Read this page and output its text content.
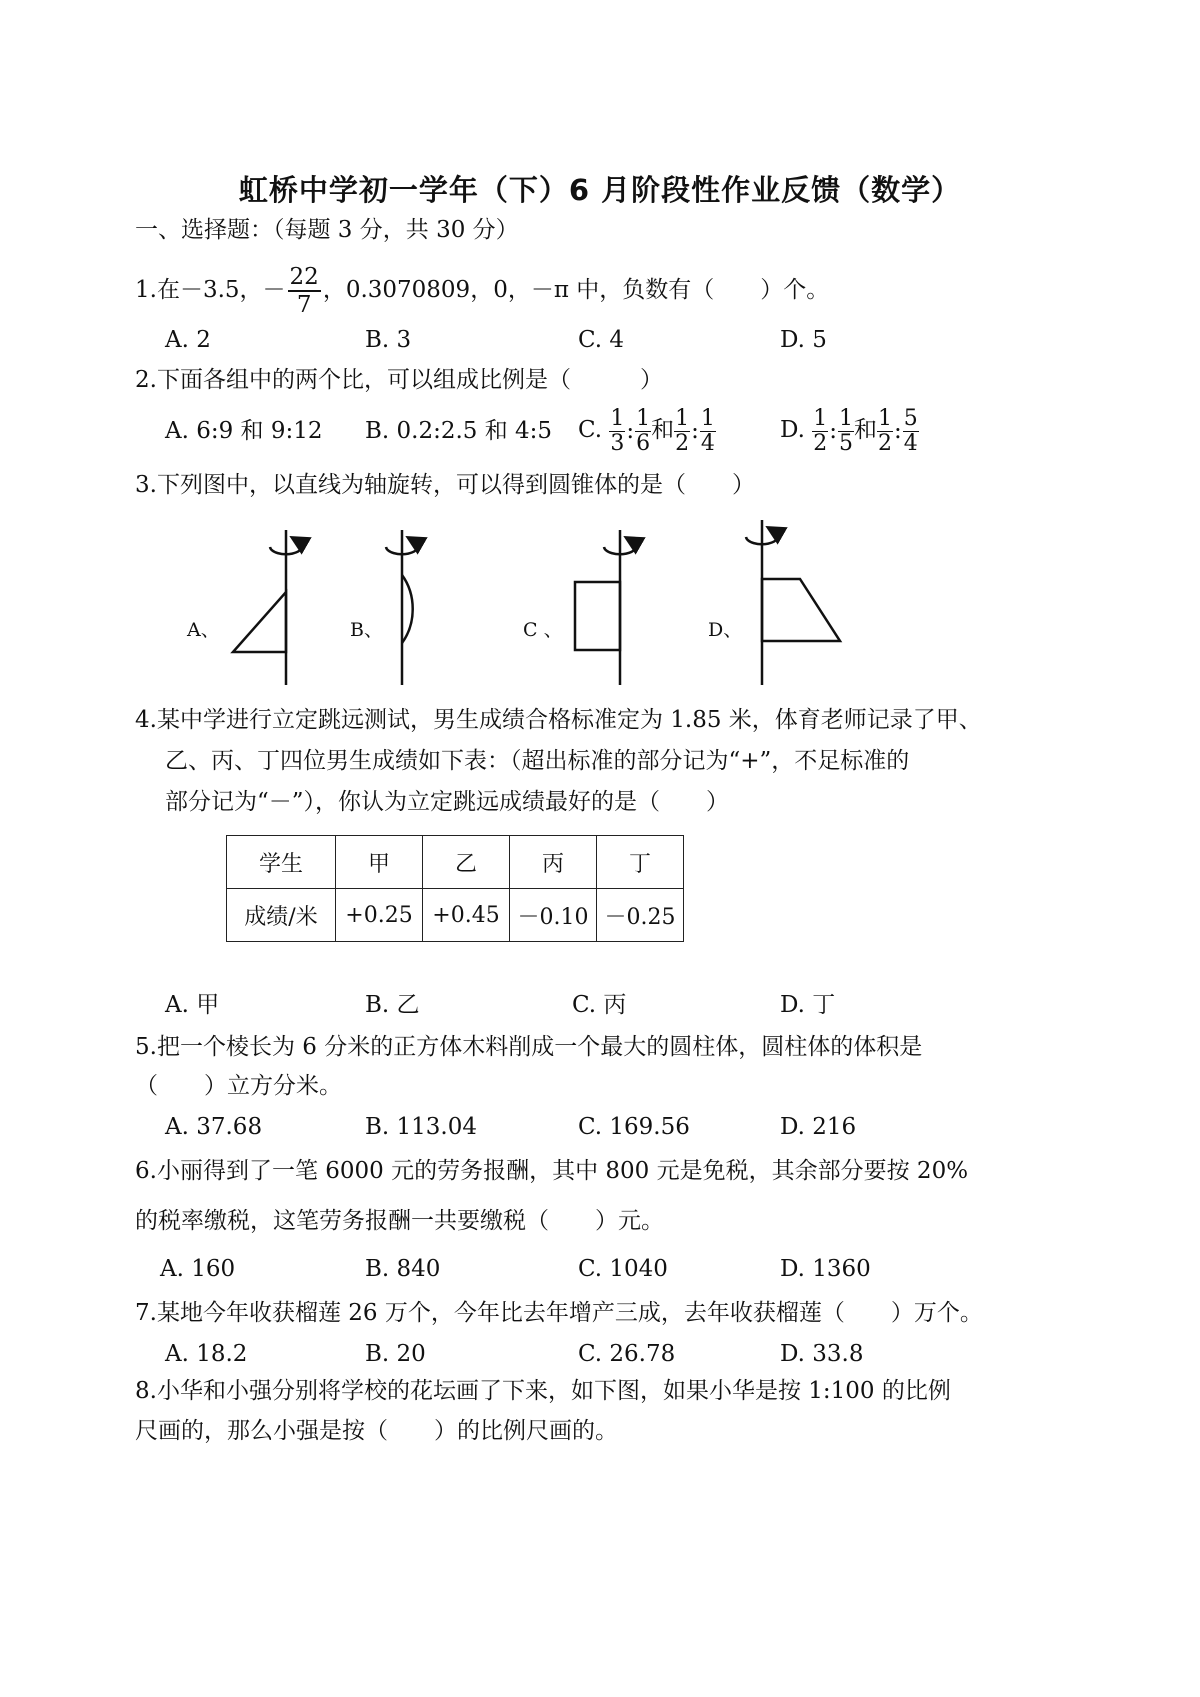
虹桥中学初一学年（下）6 月阶段性作业反馈（数学）
一、选择题：（每题 3 分，共 30 分）
1.在－3.5，－ $\frac{22}{7}$ ，0.3070809，0，－π 中，负数有（　　）个。
A. 2	B. 3	C. 4	D. 5
2.下面各组中的两个比，可以组成比例是（　　　）
A. 6:9 和 9:12 B. 0.2:2.5 和 4:5 C. $\frac{1}{3}$ : $\frac{1}{6}$ 和 $\frac{1}{2}$ : $\frac{1}{4}$	D. $\frac{1}{2}$ : $\frac{1}{5}$ 和 $\frac{1}{2}$ : $\frac{5}{4}$
3.下列图中，以直线为轴旋转，可以得到圆锥体的是（　　）
A、	B、	C 、	D、
4.某中学进行立定跳远测试，男生成绩合格标准定为 1.85 米，体育老师记录了甲、
乙、丙、丁四位男生成绩如下表：（超出标准的部分记为“+”，不足标准的
部分记为“－”），你认为立定跳远成绩最好的是（　　）
学生	甲	乙	丙	丁
成绩/米	+0.25	+0.45	－0.10	－0.25
A. 甲	B. 乙	C. 丙	D. 丁
5.把一个棱长为 6 分米的正方体木料削成一个最大的圆柱体，圆柱体的体积是
（　　）立方分米。
A. 37.68	B. 113.04	C. 169.56	D. 216
6.小丽得到了一笔 6000 元的劳务报酬，其中 800 元是免税，其余部分要按 20%
的税率缴税，这笔劳务报酬一共要缴税（　　）元。
A. 160	B. 840	C. 1040	D. 1360
7.某地今年收获榴莲 26 万个，今年比去年增产三成，去年收获榴莲（　　）万个。
A. 18.2	B. 20	C. 26.78	D. 33.8
8.小华和小强分别将学校的花坛画了下来，如下图，如果小华是按 1:100 的比例
尺画的，那么小强是按（　　）的比例尺画的。
